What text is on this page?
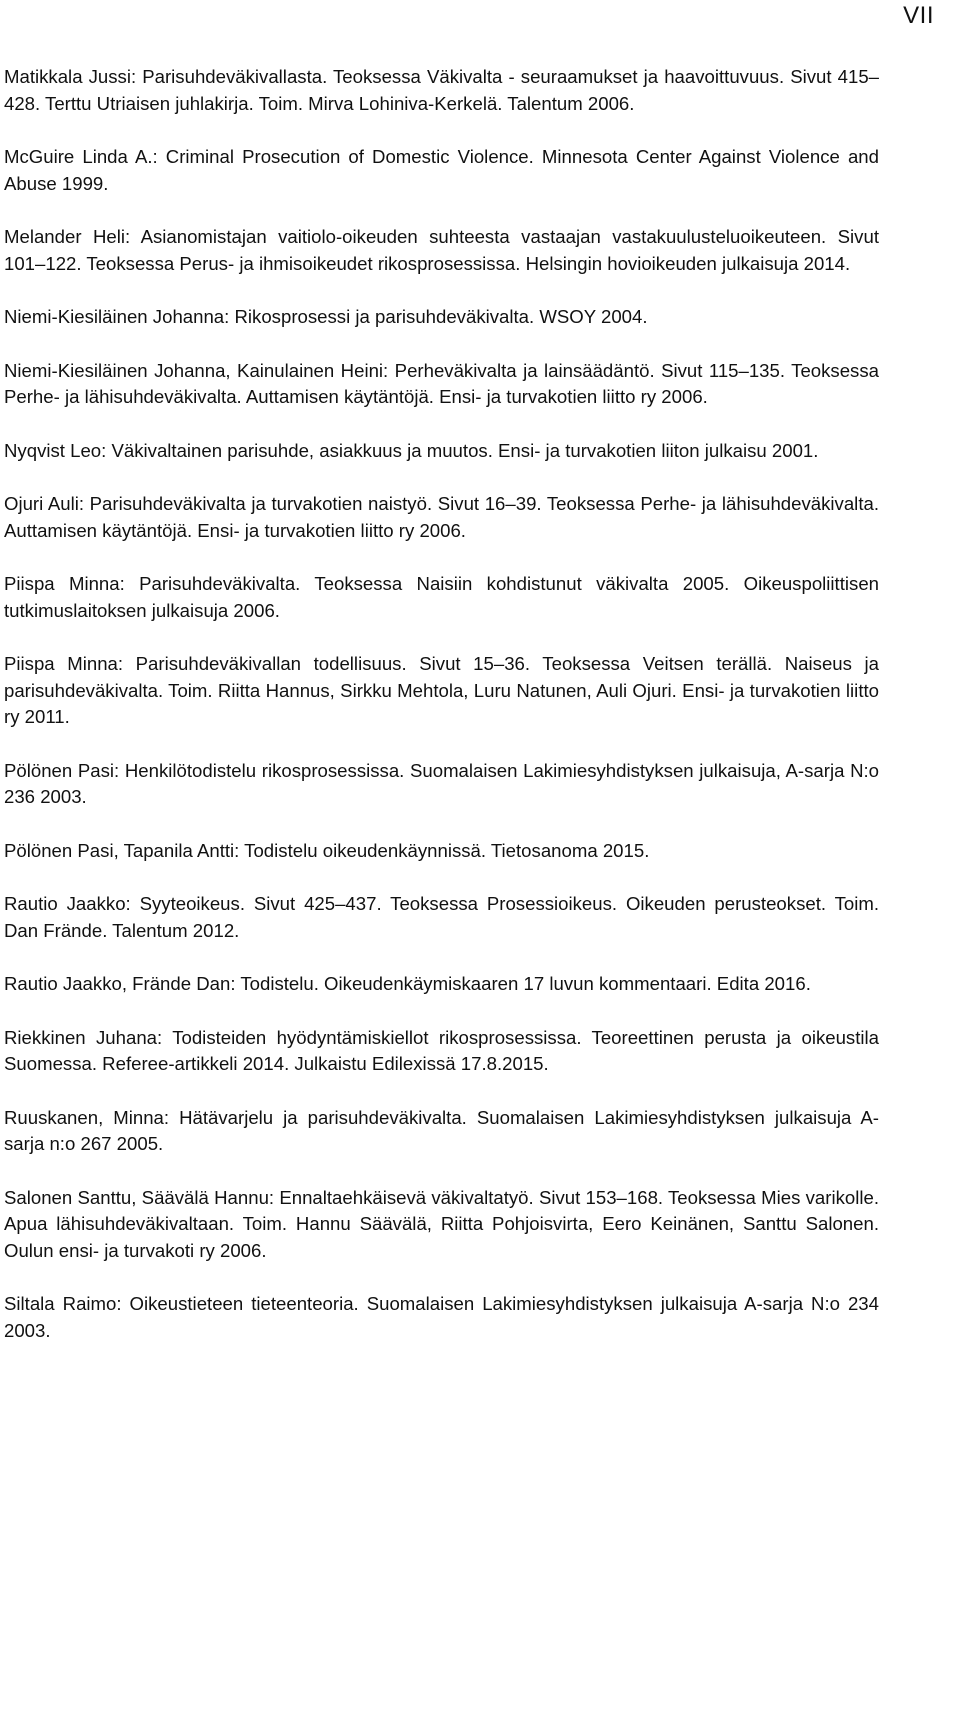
VII

Matikkala Jussi: Parisuhdeväkivallasta. Teoksessa Väkivalta - seuraamukset ja haavoittuvuus. Sivut 415–428. Terttu Utriaisen juhlakirja. Toim. Mirva Lohiniva-Kerkelä. Talentum 2006.

McGuire Linda A.: Criminal Prosecution of Domestic Violence. Minnesota Center Against Violence and Abuse 1999.

Melander Heli: Asianomistajan vaitiolo-oikeuden suhteesta vastaajan vastakuulusteluoikeuteen. Sivut 101–122. Teoksessa Perus- ja ihmisoikeudet rikosprosessissa. Helsingin hovioikeuden julkaisuja 2014.

Niemi-Kiesiläinen Johanna: Rikosprosessi ja parisuhdeväkivalta. WSOY 2004.

Niemi-Kiesiläinen Johanna, Kainulainen Heini: Perheväkivalta ja lainsäädäntö. Sivut 115–135. Teoksessa Perhe- ja lähisuhdeväkivalta. Auttamisen käytäntöjä. Ensi- ja turvakotien liitto ry 2006.

Nyqvist Leo: Väkivaltainen parisuhde, asiakkuus ja muutos. Ensi- ja turvakotien liiton julkaisu 2001.

Ojuri Auli: Parisuhdeväkivalta ja turvakotien naistyö. Sivut 16–39. Teoksessa Perhe- ja lähisuhdeväkivalta. Auttamisen käytäntöjä. Ensi- ja turvakotien liitto ry 2006.

Piispa Minna: Parisuhdeväkivalta. Teoksessa Naisiin kohdistunut väkivalta 2005. Oikeuspoliittisen tutkimuslaitoksen julkaisuja 2006.

Piispa Minna: Parisuhdeväkivallan todellisuus. Sivut 15–36. Teoksessa Veitsen terällä. Naiseus ja parisuhdeväkivalta. Toim. Riitta Hannus, Sirkku Mehtola, Luru Natunen, Auli Ojuri. Ensi- ja turvakotien liitto ry 2011.

Pölönen Pasi: Henkilötodistelu rikosprosessissa. Suomalaisen Lakimiesyhdistyksen julkaisuja, A-sarja N:o 236 2003.

Pölönen Pasi, Tapanila Antti: Todistelu oikeudenkäynnissä. Tietosanoma 2015.

Rautio Jaakko: Syyteoikeus. Sivut 425–437. Teoksessa Prosessioikeus. Oikeuden perusteokset. Toim. Dan Frände. Talentum 2012.

Rautio Jaakko, Frände Dan: Todistelu. Oikeudenkäymiskaaren 17 luvun kommentaari. Edita 2016.

Riekkinen Juhana: Todisteiden hyödyntämiskiellot rikosprosessissa. Teoreettinen perusta ja oikeustila Suomessa. Referee-artikkeli 2014. Julkaistu Edilexissä 17.8.2015.

Ruuskanen, Minna: Hätävarjelu ja parisuhdeväkivalta. Suomalaisen Lakimiesyhdistyksen julkaisuja A-sarja n:o 267 2005.

Salonen Santtu, Säävälä Hannu: Ennaltaehkäisevä väkivaltatyö. Sivut 153–168. Teoksessa Mies varikolle. Apua lähisuhdeväkivaltaan. Toim. Hannu Säävälä, Riitta Pohjoisvirta, Eero Keinänen, Santtu Salonen. Oulun ensi- ja turvakoti ry 2006.

Siltala Raimo: Oikeustieteen tieteenteoria. Suomalaisen Lakimiesyhdistyksen julkaisuja A-sarja N:o 234 2003.
